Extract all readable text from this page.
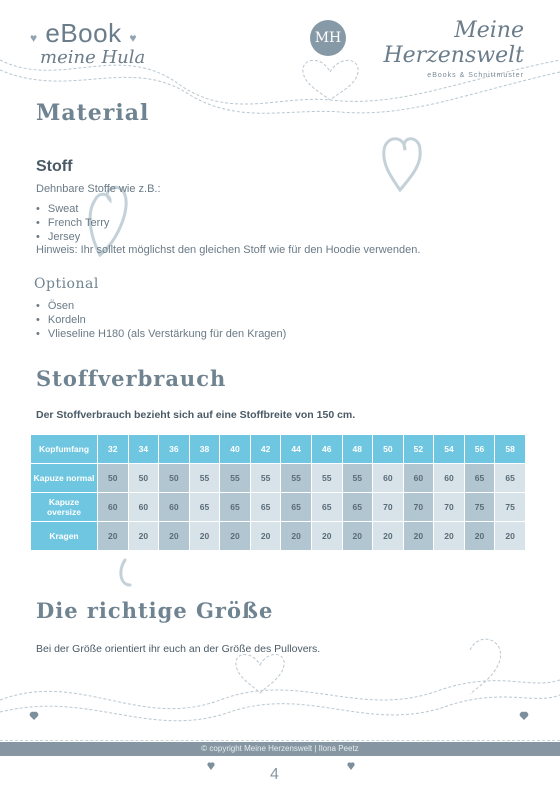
♥ eBook ♥
meine Hula
MH	Meine Herzenswelt
eBooks & Schnittmuster
Material
Stoff
Dehnbare Stoffe wie z.B.:
• Sweat
• French Terry
• Jersey
Hinweis: Ihr solltet möglichst den gleichen Stoff wie für den Hoodie verwenden.
Optional
• Ösen
• Kordeln
• Vlieseline H180 (als Verstärkung für den Kragen)
Stoffverbrauch
Der Stoffverbrauch bezieht sich auf eine Stoffbreite von 150 cm.
Kopfumfang	32	34	36	38	40	42	44	46	48	50	52	54	56	58
Kapuze normal	50	50	50	55	55	55	55	55	55	60	60	60	65	65
Kapuze oversize	60	60	60	65	65	65	65	65	65	70	70	70	75	75
Kragen	20	20	20	20	20	20	20	20	20	20	20	20	20	20
Die richtige Größe
Bei der Größe orientiert ihr euch an der Größe des Pullovers.
© copyright Meine Herzenswelt | Ilona Peetz
4
